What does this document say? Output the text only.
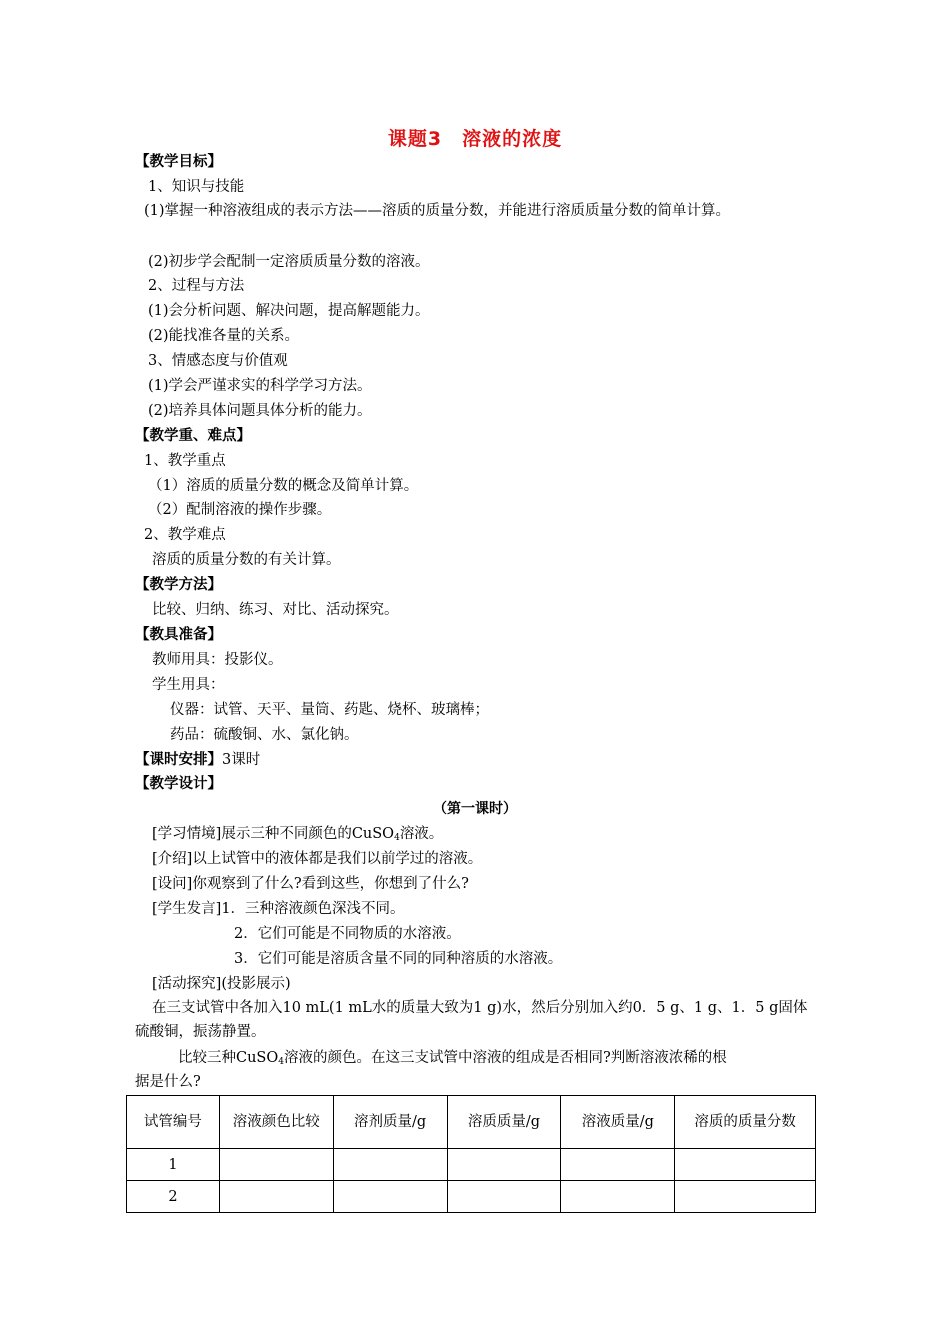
课题3　溶液的浓度
【教学目标】
1、知识与技能
(1)掌握一种溶液组成的表示方法——溶质的质量分数，并能进行溶质质量分数的简单计算。
(2)初步学会配制一定溶质质量分数的溶液。
2、过程与方法
(1)会分析问题、解决问题，提高解题能力。
(2)能找准各量的关系。
3、情感态度与价值观
(1)学会严谨求实的科学学习方法。
(2)培养具体问题具体分析的能力。
【教学重、难点】
1、教学重点
（1）溶质的质量分数的概念及简单计算。
（2）配制溶液的操作步骤。
2、教学难点
溶质的质量分数的有关计算。
【教学方法】
比较、归纳、练习、对比、活动探究。
【教具准备】
教师用具：投影仪。
学生用具：
仪器：试管、天平、量筒、药匙、烧杯、玻璃棒；
药品：硫酸铜、水、氯化钠。
【课时安排】3课时
【教学设计】
（第一课时）
[学习情境]展示三种不同颜色的CuSO$_4$溶液。
[介绍]以上试管中的液体都是我们以前学过的溶液。
[设问]你观察到了什么?看到这些，你想到了什么?
[学生发言]1．三种溶液颜色深浅不同。
2．它们可能是不同物质的水溶液。
3．它们可能是溶质含量不同的同种溶质的水溶液。
[活动探究](投影展示)
在三支试管中各加入10 mL(1 mL水的质量大致为1 g)水，然后分别加入约0．5 g、1 g、1．5 g固体硫酸铜，振荡静置。
比较三种CuSO$_4$溶液的颜色。在这三支试管中溶液的组成是否相同?判断溶液浓稀的根
据是什么?
试管编号	溶液颜色比较	溶剂质量/g	溶质质量/g	溶液质量/g	溶质的质量分数
1					
2					
